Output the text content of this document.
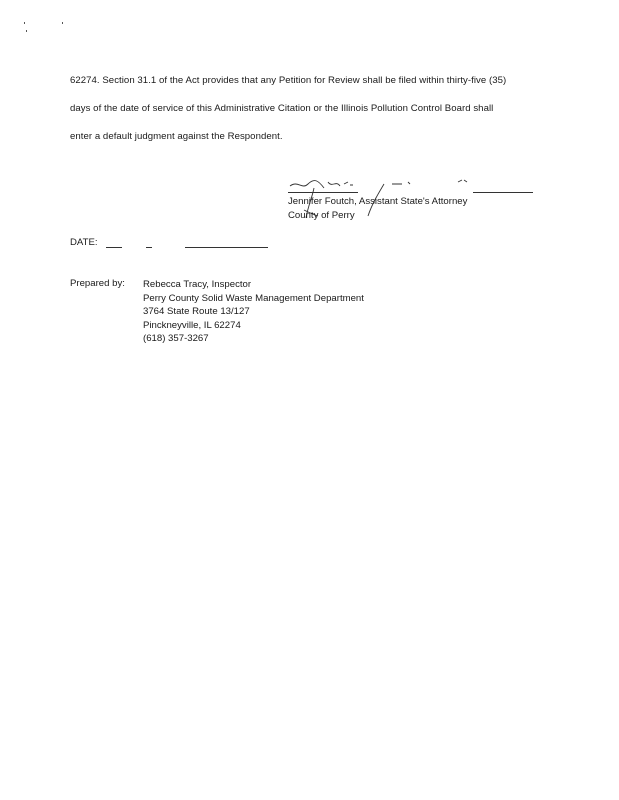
62274. Section 31.1 of the Act provides that any Petition for Review shall be filed within thirty-five (35)
days of the date of service of this Administrative Citation or the Illinois Pollution Control Board shall
enter a default judgment against the Respondent.
Jennifer Foutch, Assistant State's Attorney
County of Perry
DATE:
Prepared by: Rebecca Tracy, Inspector
Perry County Solid Waste Management Department
3764 State Route 13/127
Pinckneyville, IL 62274
(618) 357-3267
